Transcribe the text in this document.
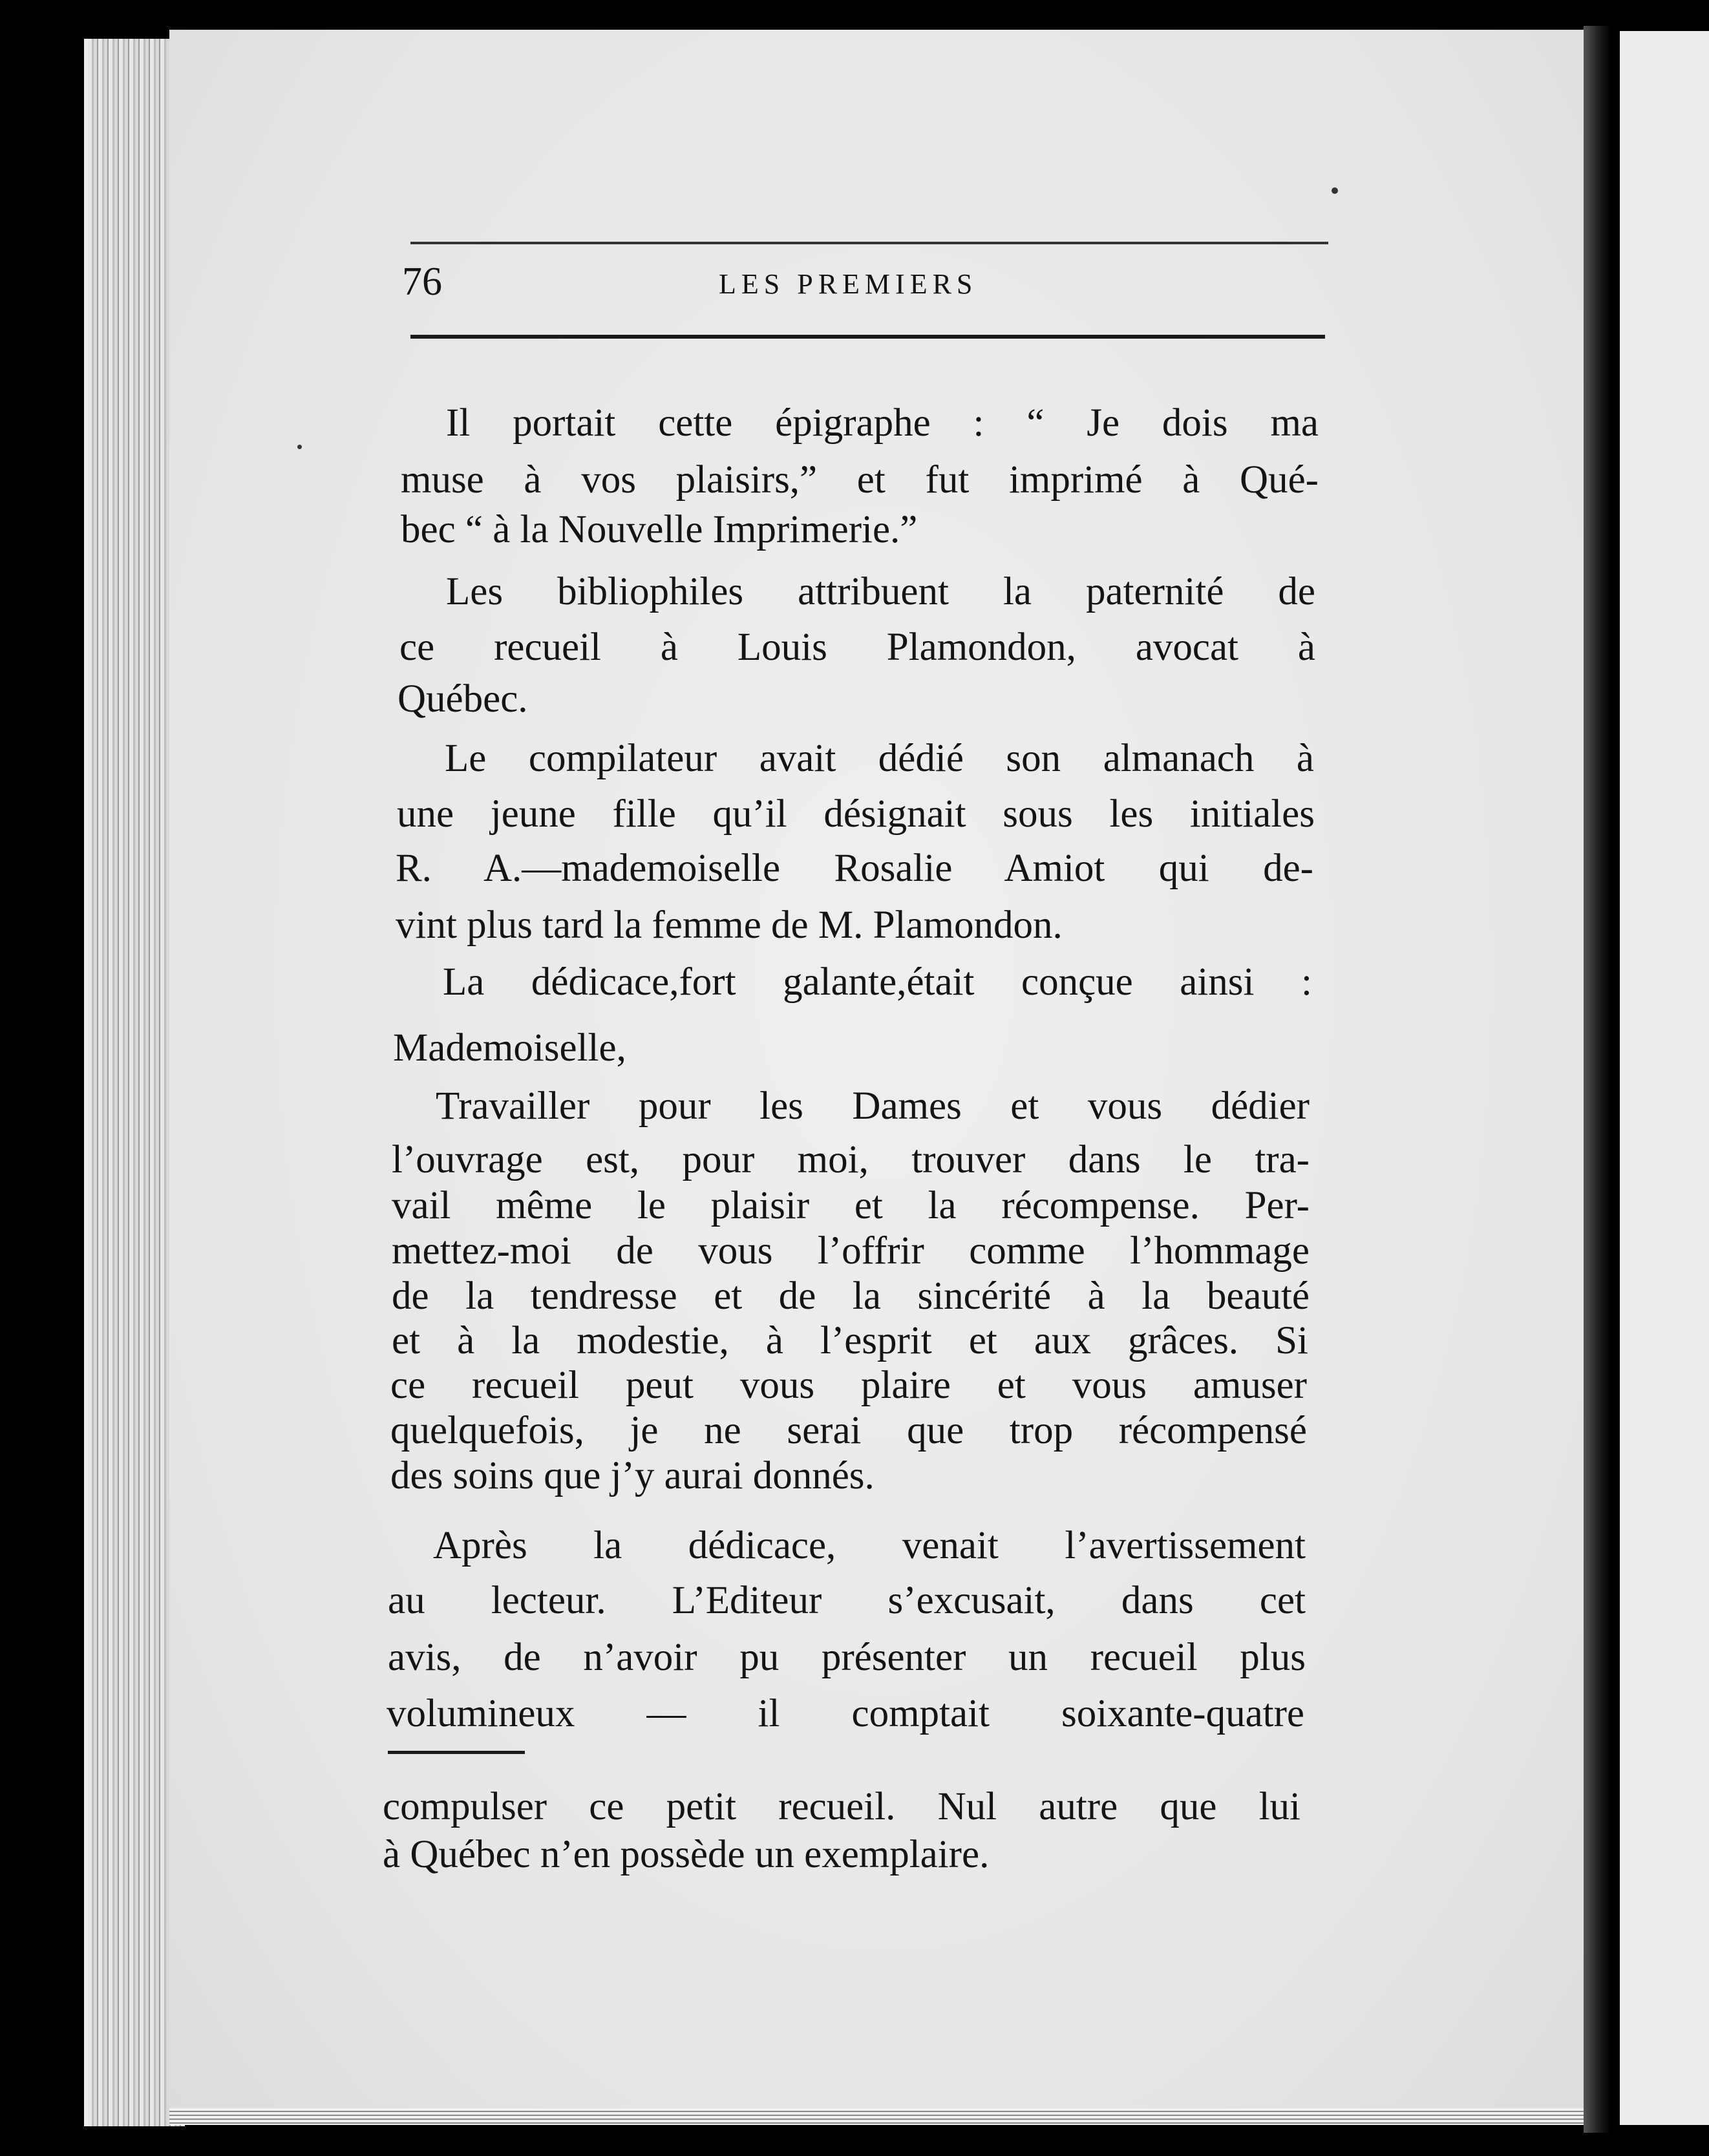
76	LES PREMIERS
Il portait cette épigraphe : “ Je dois ma
muse à vos plaisirs,” et fut imprimé à Qué-
bec “ à la Nouvelle Imprimerie.”
Les bibliophiles attribuent la paternité de
ce recueil à Louis Plamondon, avocat à
Québec.
Le compilateur avait dédié son almanach à
une jeune fille qu’il désignait sous les initiales
R. A.—mademoiselle Rosalie Amiot qui de-
vint plus tard la femme de M. Plamondon.
La dédicace,fort galante,était conçue ainsi :
Mademoiselle,
Travailler pour les Dames et vous dédier
l’ouvrage est, pour moi, trouver dans le tra-
vail même le plaisir et la récompense. Per-
mettez-moi de vous l’offrir comme l’hommage
de la tendresse et de la sincérité à la beauté
et à la modestie, à l’esprit et aux grâces. Si
ce recueil peut vous plaire et vous amuser
quelquefois, je ne serai que trop récompensé
des soins que j’y aurai donnés.
Après la dédicace, venait l’avertissement
au lecteur. L’Editeur s’excusait, dans cet
avis, de n’avoir pu présenter un recueil plus
volumineux — il comptait soixante-quatre
compulser ce petit recueil. Nul autre que lui
à Québec n’en possède un exemplaire.
